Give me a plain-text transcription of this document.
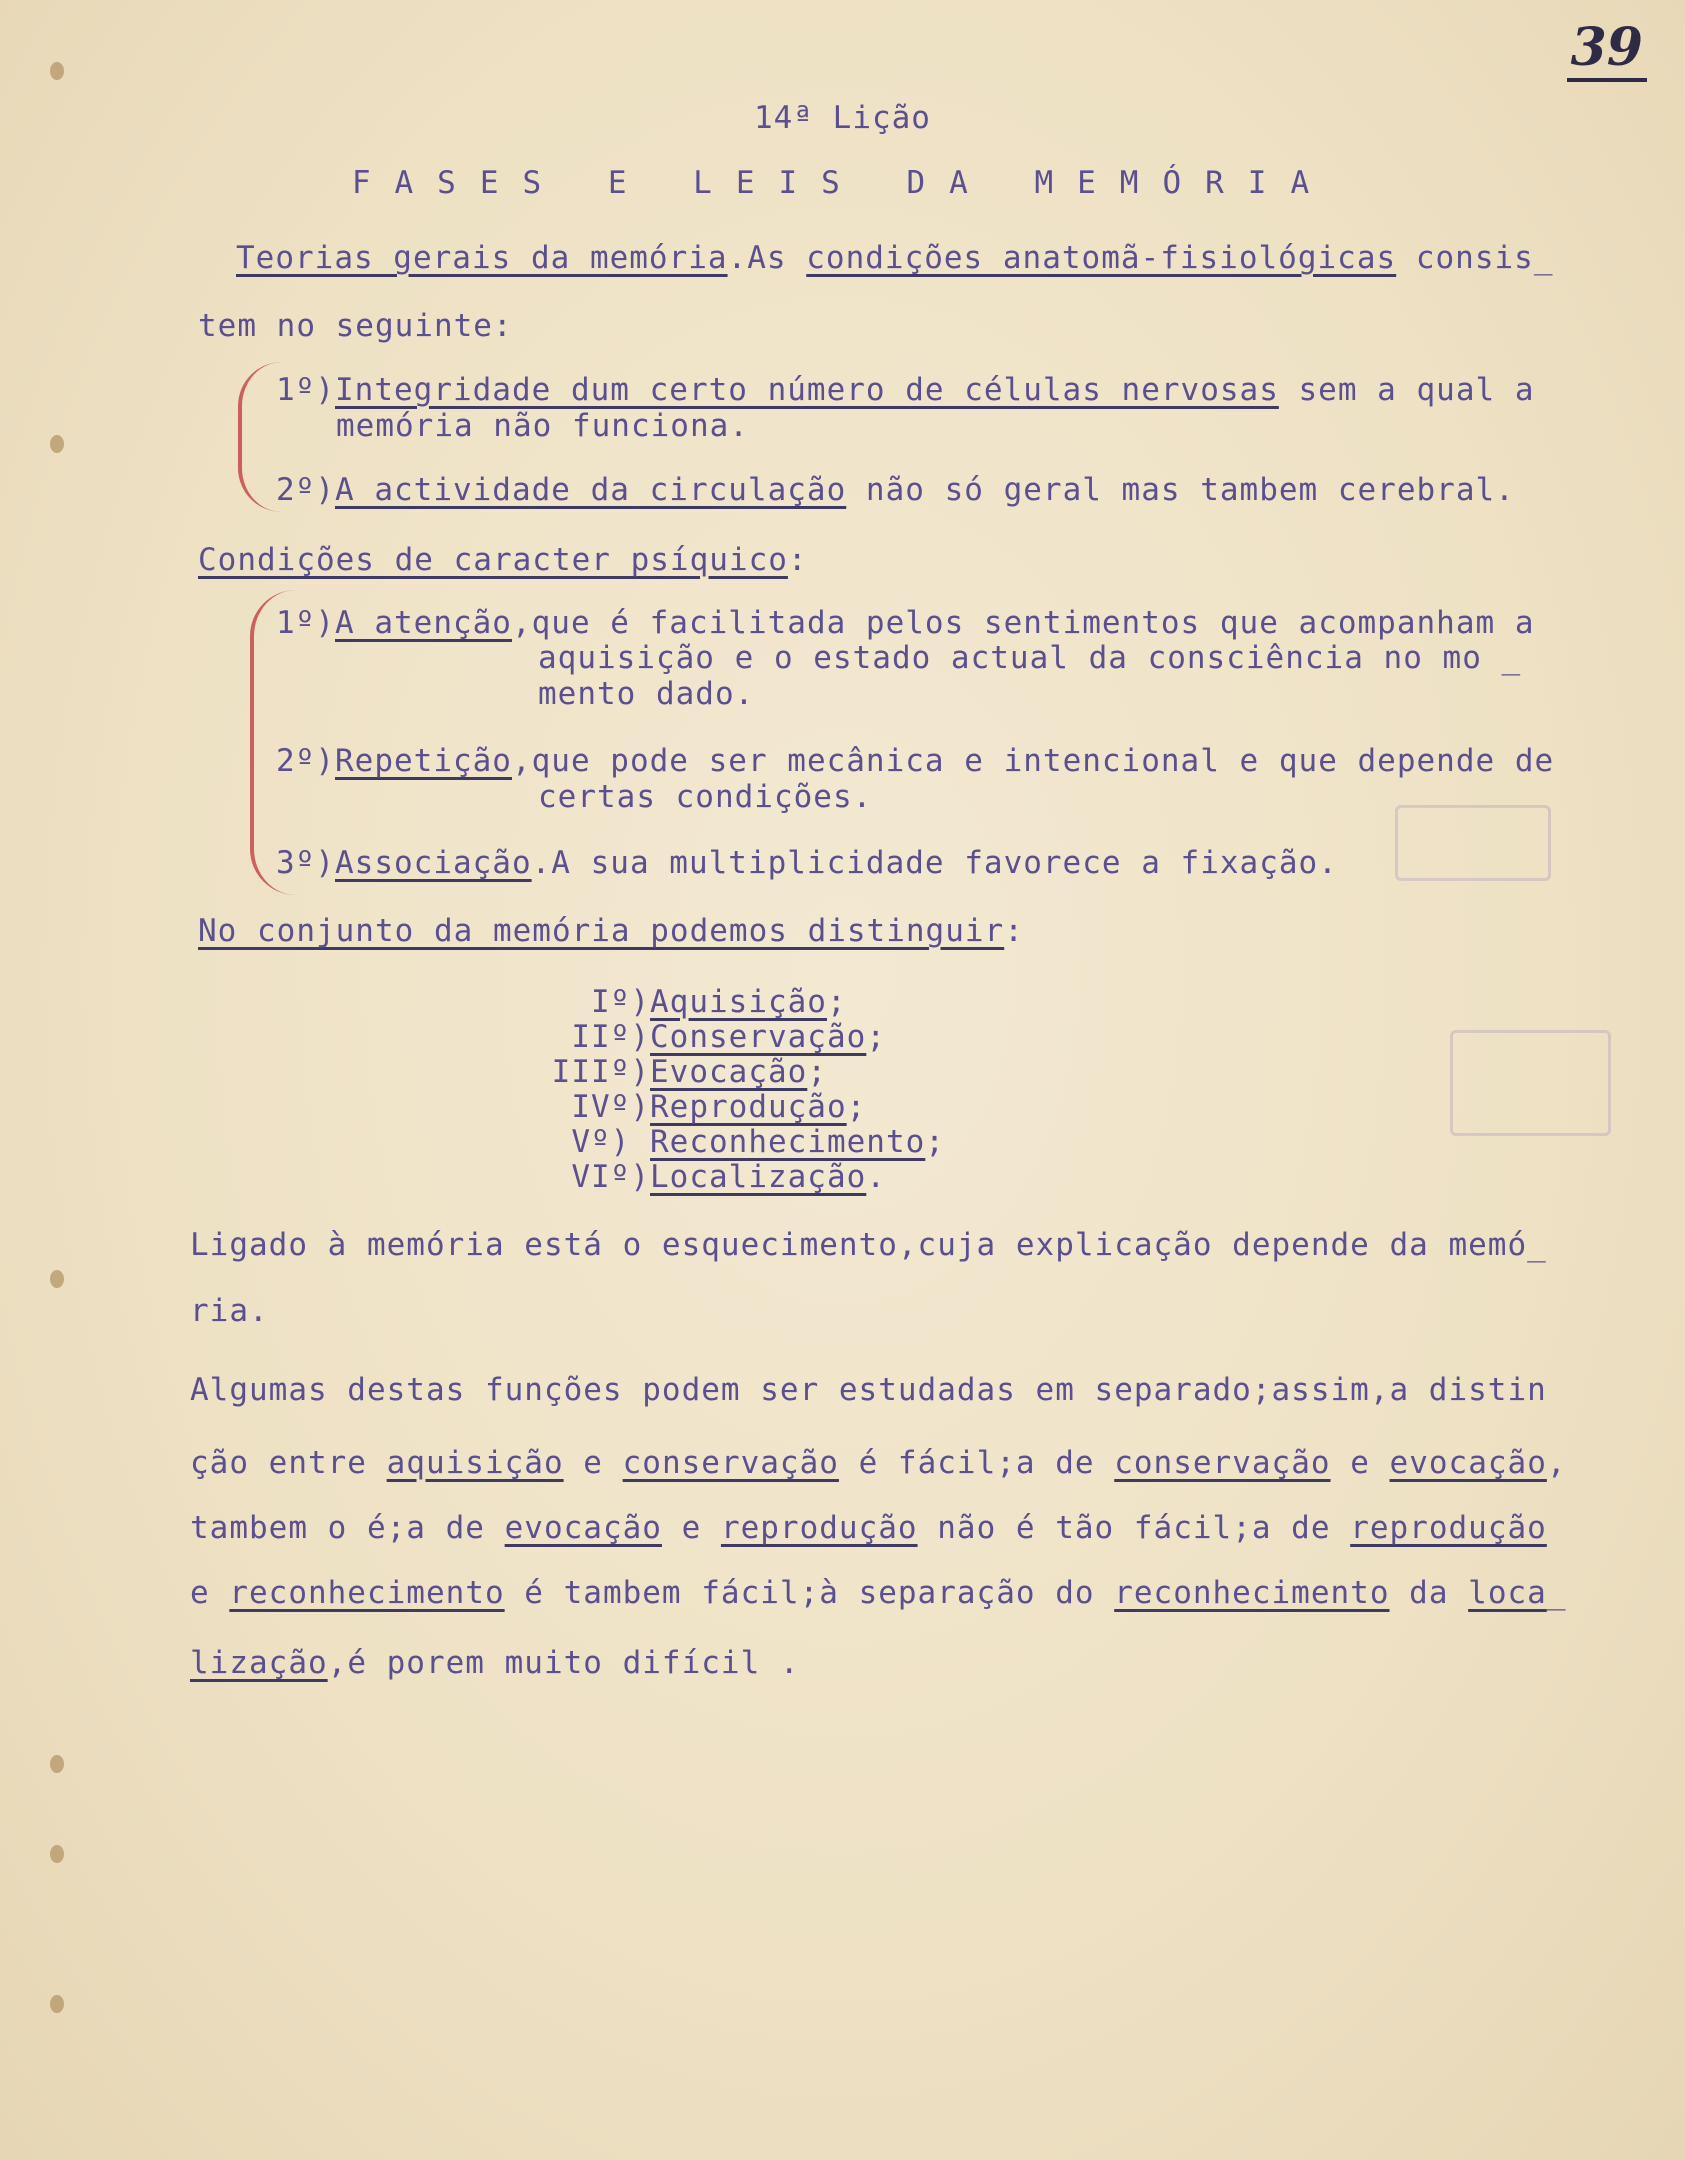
39
14ª Lição
FASES E LEIS DA MEMÓRIA
Teorias gerais da memória.As condições anatomã-fisiológicas consis_
tem no seguinte:
1º)Integridade dum certo número de células nervosas sem a qual a
memória não funciona.
2º)A actividade da circulação não só geral mas tambem cerebral.
Condições de caracter psíquico:
1º)A atenção,que é facilitada pelos sentimentos que acompanham a
aquisição e o estado actual da consciência no mo _
mento dado.
2º)Repetição,que pode ser mecânica e intencional e que depende de
certas condições.
3º)Associação.A sua multiplicidade favorece a fixação.
No conjunto da memória podemos distinguir:
Iº) Aquisição;
IIº) Conservação;
IIIº) Evocação;
IVº) Reprodução;
Vº) Reconhecimento;
VIº) Localização.
Ligado à memória está o esquecimento,cuja explicação depende da memó_
ria.
Algumas destas funções podem ser estudadas em separado;assim,a distin
ção entre aquisição e conservação é fácil;a de conservação e evocação,
tambem o é;a de evocação e reprodução não é tão fácil;a de reprodução
e reconhecimento é tambem fácil;à separação do reconhecimento da loca_
lização,é porem muito difícil .
